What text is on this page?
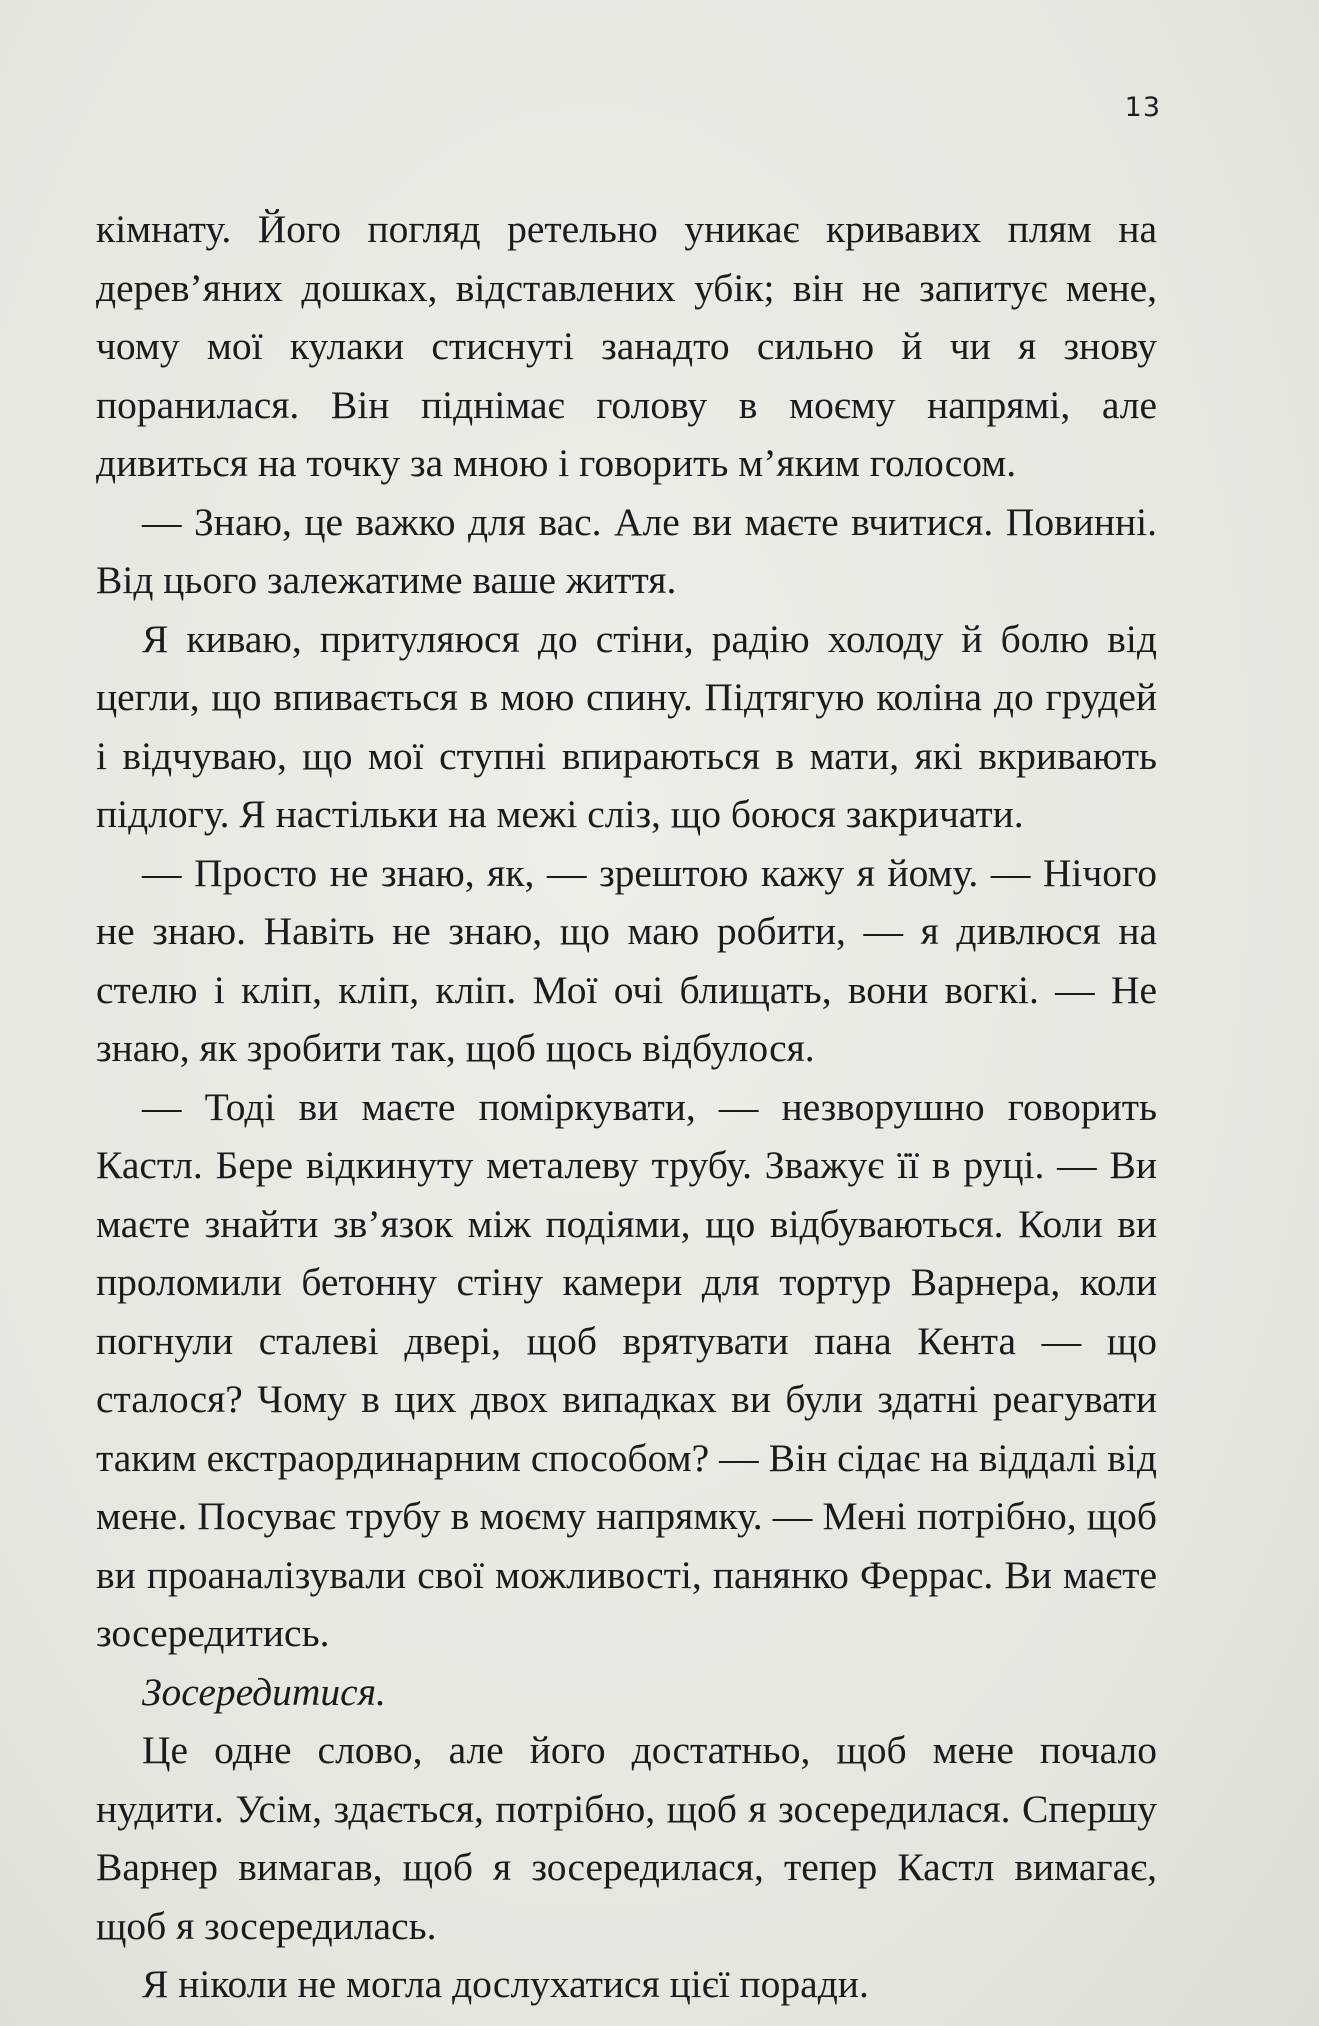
13

кімнату. Його погляд ретельно уникає кривавих плям на дерев’яних дошках, відставлених убік; він не запитує мене, чому мої кулаки стиснуті занадто сильно й чи я знову поранилася. Він піднімає голову в моєму напрямі, але дивиться на точку за мною і говорить м’яким голосом.

— Знаю, це важко для вас. Але ви маєте вчитися. Повинні. Від цього залежатиме ваше життя.

Я киваю, притуляюся до стіни, радію холоду й болю від цегли, що впивається в мою спину. Підтягую коліна до грудей і відчуваю, що мої ступні впираються в мати, які вкривають підлогу. Я настільки на межі сліз, що боюся закричати.

— Просто не знаю, як, — зрештою кажу я йому. — Нічого не знаю. Навіть не знаю, що маю робити, — я дивлюся на стелю і кліп, кліп, кліп. Мої очі блищать, вони вогкі. — Не знаю, як зробити так, щоб щось відбулося.

— Тоді ви маєте поміркувати, — незворушно говорить Кастл. Бере відкинуту металеву трубу. Зважує її в руці. — Ви маєте знайти зв’язок між подіями, що відбуваються. Коли ви проломили бетонну стіну камери для тортур Варнера, коли погнули сталеві двері, щоб врятувати пана Кента — що сталося? Чому в цих двох випадках ви були здатні реагувати таким екстраординарним способом? — Він сідає на віддалі від мене. Посуває трубу в моєму напрямку. — Мені потрібно, щоб ви проаналізували свої можливості, панянко Феррас. Ви маєте зосередитись.

Зосередитися.

Це одне слово, але його достатньо, щоб мене почало нудити. Усім, здається, потрібно, щоб я зосередилася. Спершу Варнер вимагав, щоб я зосередилася, тепер Кастл вимагає, щоб я зосередилась.

Я ніколи не могла дослухатися цієї поради.
